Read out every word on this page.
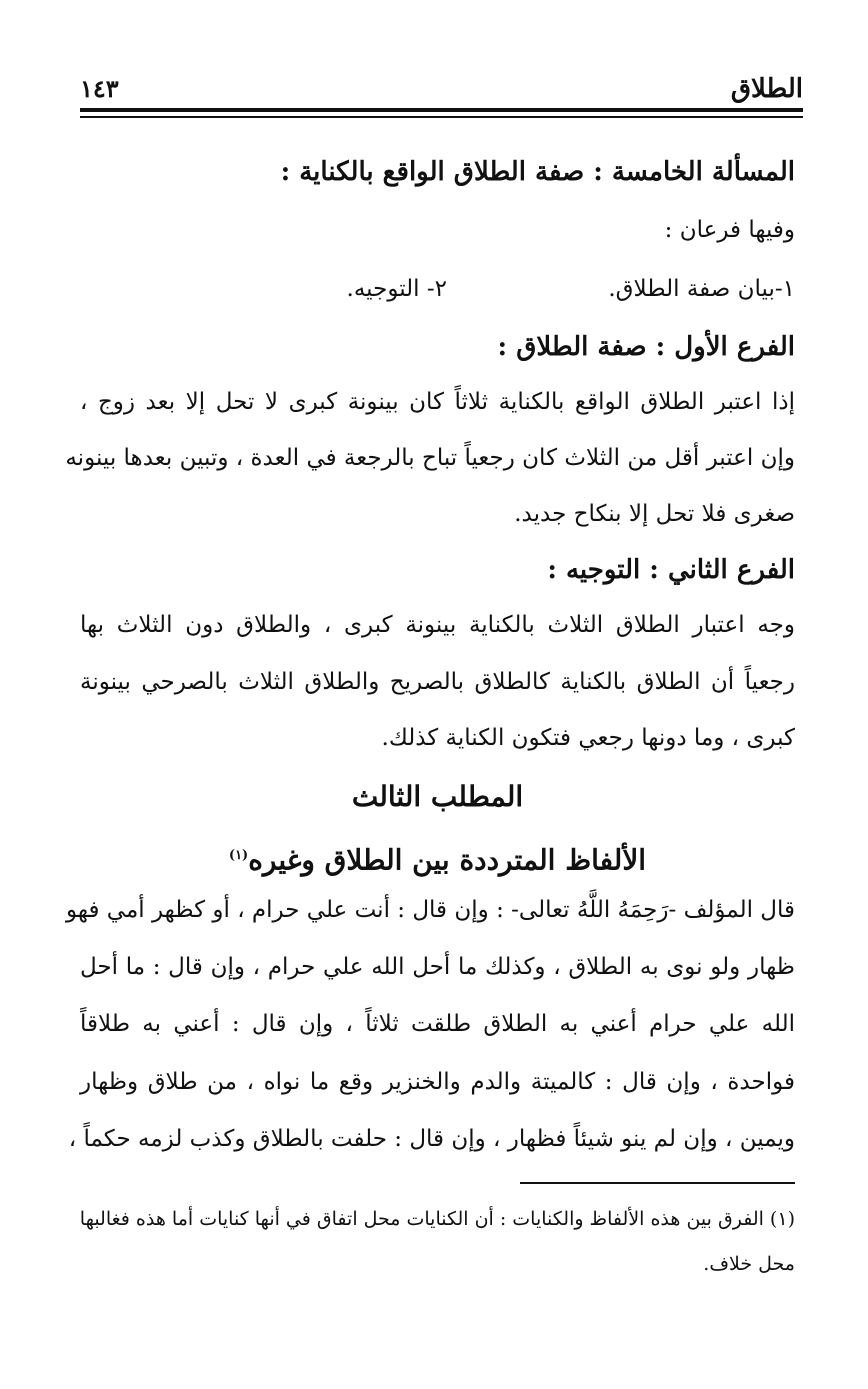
الطلاق
١٤٣
المسألة الخامسة : صفة الطلاق الواقع بالكناية :
وفيها فرعان :
١-بيان صفة الطلاق.
٢- التوجيه.
الفرع الأول : صفة الطلاق :
إذا اعتبر الطلاق الواقع بالكناية ثلاثاً كان بينونة كبرى لا تحل إلا بعد زوج ،
وإن اعتبر أقل من الثلاث كان رجعياً تباح بالرجعة في العدة ، وتبين بعدها بينونه
صغرى فلا تحل إلا بنكاح جديد.
الفرع الثاني : التوجيه :
وجه اعتبار الطلاق الثلاث بالكناية بينونة كبرى ، والطلاق دون الثلاث بها
رجعياً أن الطلاق بالكناية كالطلاق بالصريح والطلاق الثلاث بالصرحي بينونة
كبرى ، وما دونها رجعي فتكون الكناية كذلك.
المطلب الثالث
الألفاظ المترددة بين الطلاق وغيره$^{(١)}$
قال المؤلف -رَحِمَهُ اللَّهُ تعالى- : وإن قال : أنت علي حرام ، أو كظهر أمي فهو
ظهار ولو نوى به الطلاق ، وكذلك ما أحل الله علي حرام ، وإن قال : ما أحل
الله علي حرام أعني به الطلاق طلقت ثلاثاً ، وإن قال : أعني به طلاقاً
فواحدة ، وإن قال : كالميتة والدم والخنزير وقع ما نواه ، من طلاق وظهار
ويمين ، وإن لم ينو شيئاً فظهار ، وإن قال : حلفت بالطلاق وكذب لزمه حكماً ،
(١) الفرق بين هذه الألفاظ والكنايات : أن الكنايات محل اتفاق في أنها كنايات أما هذه فغالبها
محل خلاف.
